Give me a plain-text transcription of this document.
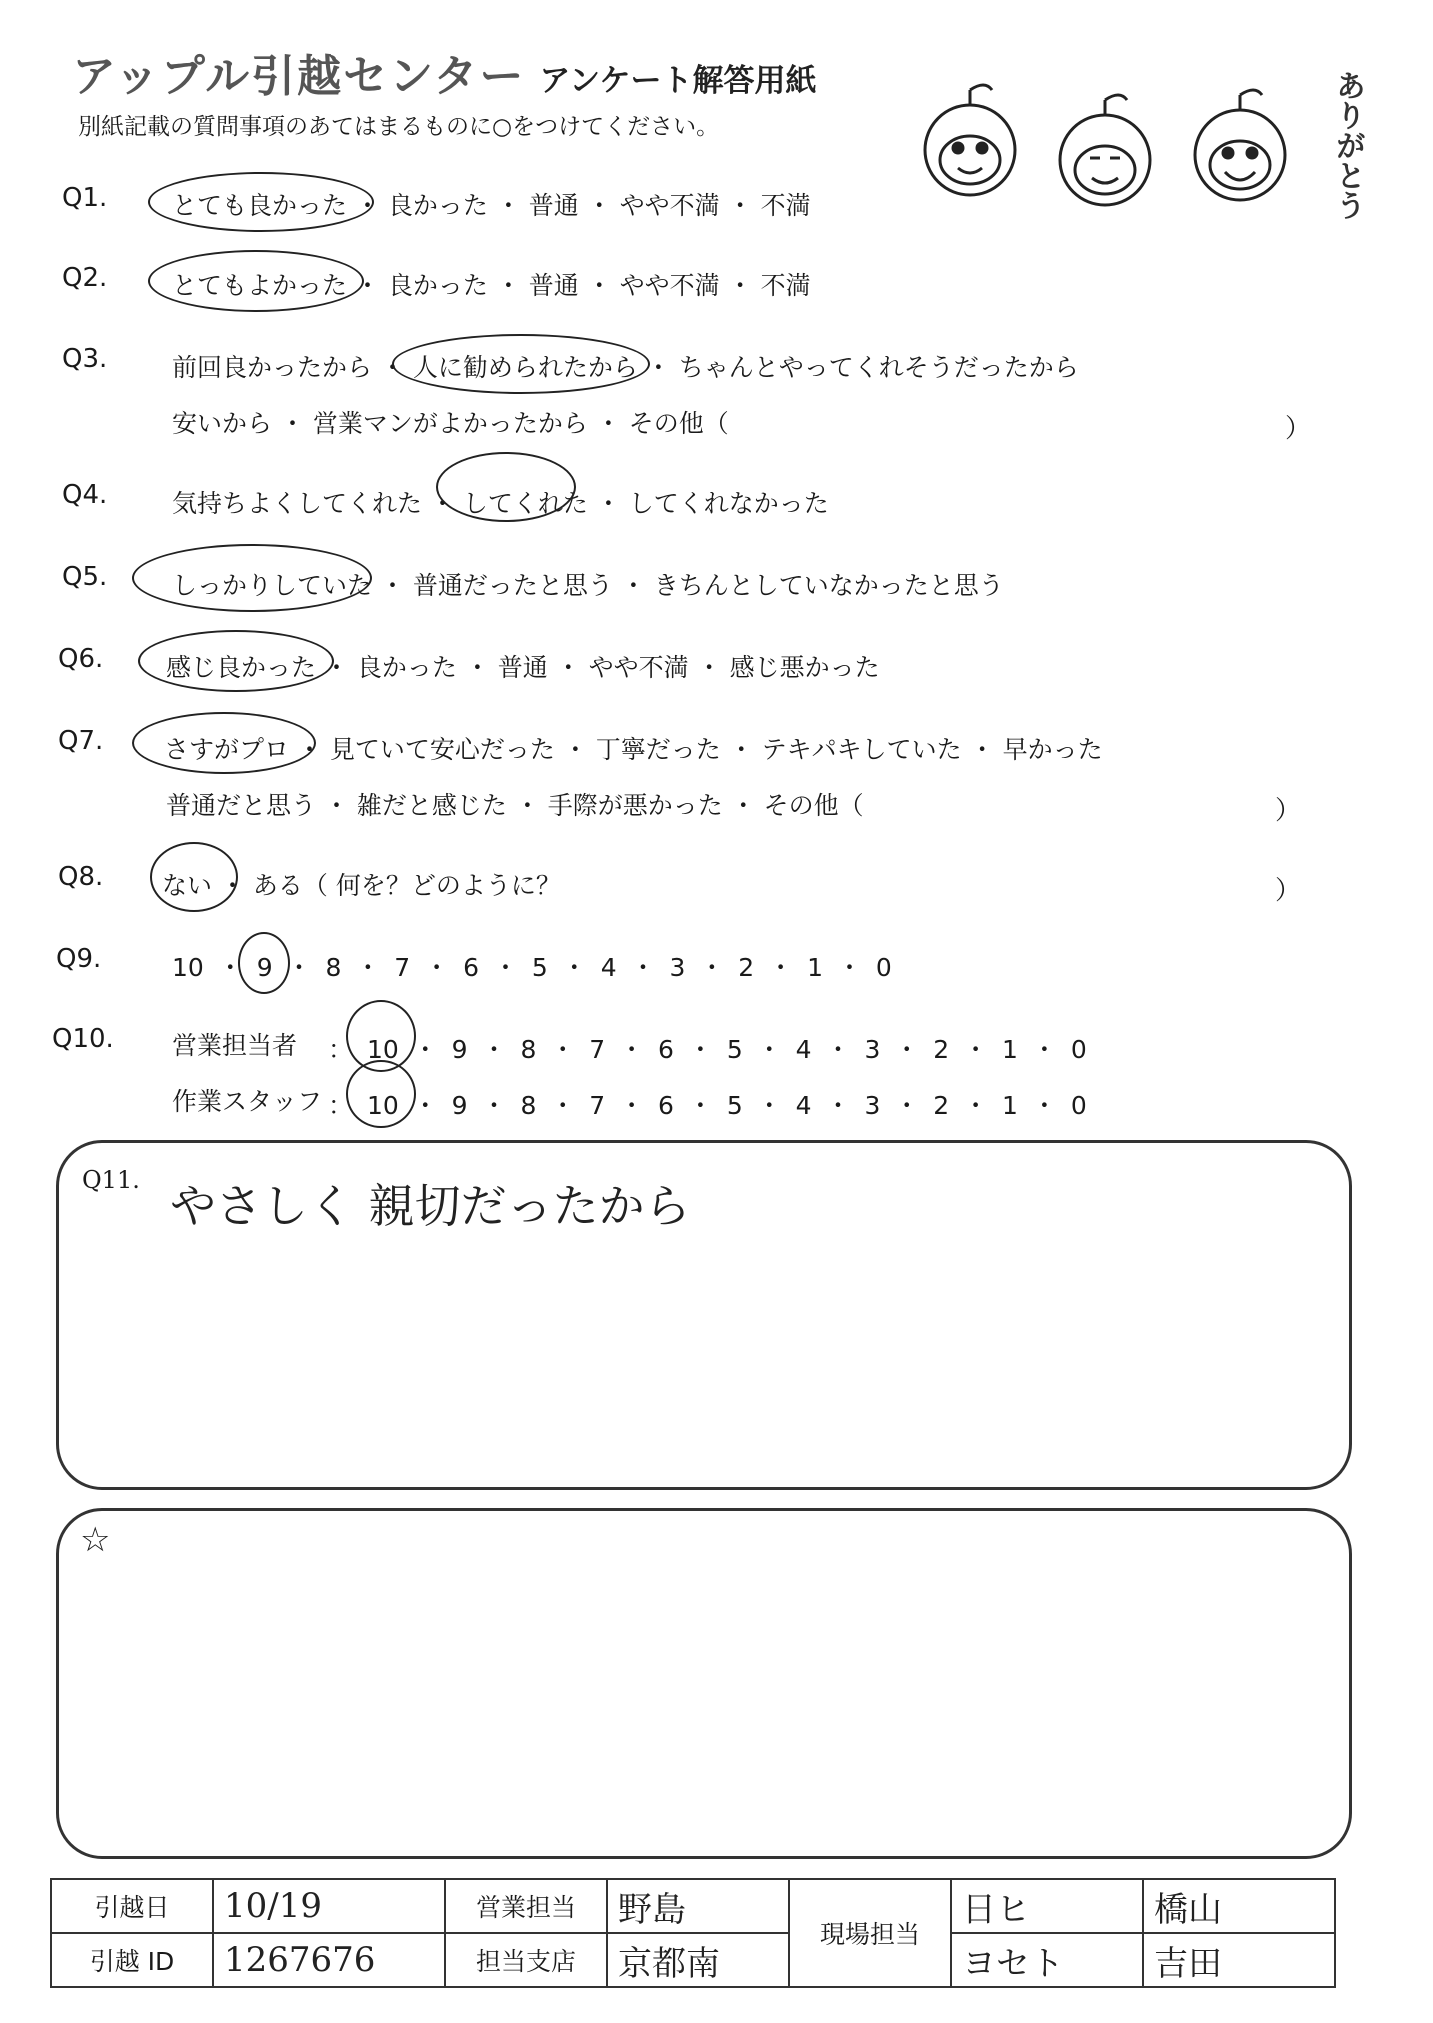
アップル引越センター アンケート解答用紙
別紙記載の質問事項のあてはまるものに○をつけてください。	ありがとう
Q1.	とても良かった ・ 良かった ・ 普通 ・ やや不満 ・ 不満
Q2.	とてもよかった ・ 良かった ・ 普通 ・ やや不満 ・ 不満
Q3.	前回良かったから ・ 人に勧められたから ・ ちゃんとやってくれそうだったから
安いから ・ 営業マンがよかったから ・ その他（	）
Q4.	気持ちよくしてくれた ・ してくれた ・ してくれなかった
Q5.	しっかりしていた ・ 普通だったと思う ・ きちんとしていなかったと思う
Q6.	感じ良かった ・ 良かった ・ 普通 ・ やや不満 ・ 感じ悪かった
Q7. さすがプロ ・ 見ていて安心だった ・ 丁寧だった ・ テキパキしていた ・ 早かった
普通だと思う ・ 雑だと感じた ・ 手際が悪かった ・ その他（	）
Q8. ない ・ ある（ 何を？どのように？	）
Q9.	10 ・ 9 ・ 8 ・ 7 ・ 6 ・ 5 ・ 4 ・ 3 ・ 2 ・ 1 ・ 0
Q10. 営業担当者 ： 10 ・ 9 ・ 8 ・ 7 ・ 6 ・ 5 ・ 4 ・ 3 ・ 2 ・ 1 ・ 0
作業スタッフ ： 10 ・ 9 ・ 8 ・ 7 ・ 6 ・ 5 ・ 4 ・ 3 ・ 2 ・ 1 ・ 0
Q11. やさしく 親切だったから
☆
引越日	10/19	営業担当	野島	現場担当	日ヒ	橋山
引越 ID	1267676	担当支店	京都南		ヨセト	吉田
